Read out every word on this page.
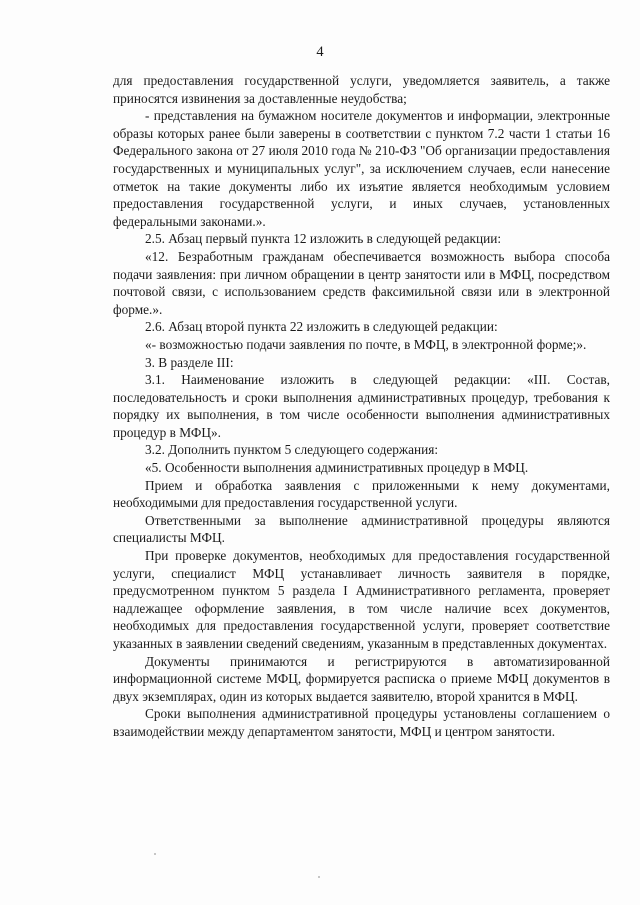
4

для предоставления государственной услуги, уведомляется заявитель, а также приносятся извинения за доставленные неудобства;

- представления на бумажном носителе документов и информации, электронные образы которых ранее были заверены в соответствии с пунктом 7.2 части 1 статьи 16 Федерального закона от 27 июля 2010 года № 210-ФЗ "Об организации предоставления государственных и муниципальных услуг", за исключением случаев, если нанесение отметок на такие документы либо их изъятие является необходимым условием предоставления государственной услуги, и иных случаев, установленных федеральными законами.».

2.5. Абзац первый пункта 12 изложить в следующей редакции:

«12. Безработным гражданам обеспечивается возможность выбора способа подачи заявления: при личном обращении в центр занятости или в МФЦ, посредством почтовой связи, с использованием средств факсимильной связи или в электронной форме.».

2.6. Абзац второй пункта 22 изложить в следующей редакции:

«- возможностью подачи заявления по почте, в МФЦ, в электронной форме;».

3. В разделе III:

3.1. Наименование изложить в следующей редакции: «III. Состав, последовательность и сроки выполнения административных процедур, требования к порядку их выполнения, в том числе особенности выполнения административных процедур в МФЦ».

3.2. Дополнить пунктом 5 следующего содержания:

«5. Особенности выполнения административных процедур в МФЦ.

Прием и обработка заявления с приложенными к нему документами, необходимыми для предоставления государственной услуги.

Ответственными за выполнение административной процедуры являются специалисты МФЦ.

При проверке документов, необходимых для предоставления государственной услуги, специалист МФЦ устанавливает личность заявителя в порядке, предусмотренном пунктом 5 раздела I Административного регламента, проверяет надлежащее оформление заявления, в том числе наличие всех документов, необходимых для предоставления государственной услуги, проверяет соответствие указанных в заявлении сведений сведениям, указанным в представленных документах.

Документы принимаются и регистрируются в автоматизированной информационной системе МФЦ, формируется расписка о приеме МФЦ документов в двух экземплярах, один из которых выдается заявителю, второй хранится в МФЦ.

Сроки выполнения административной процедуры установлены соглашением о взаимодействии между департаментом занятости, МФЦ и центром занятости.
